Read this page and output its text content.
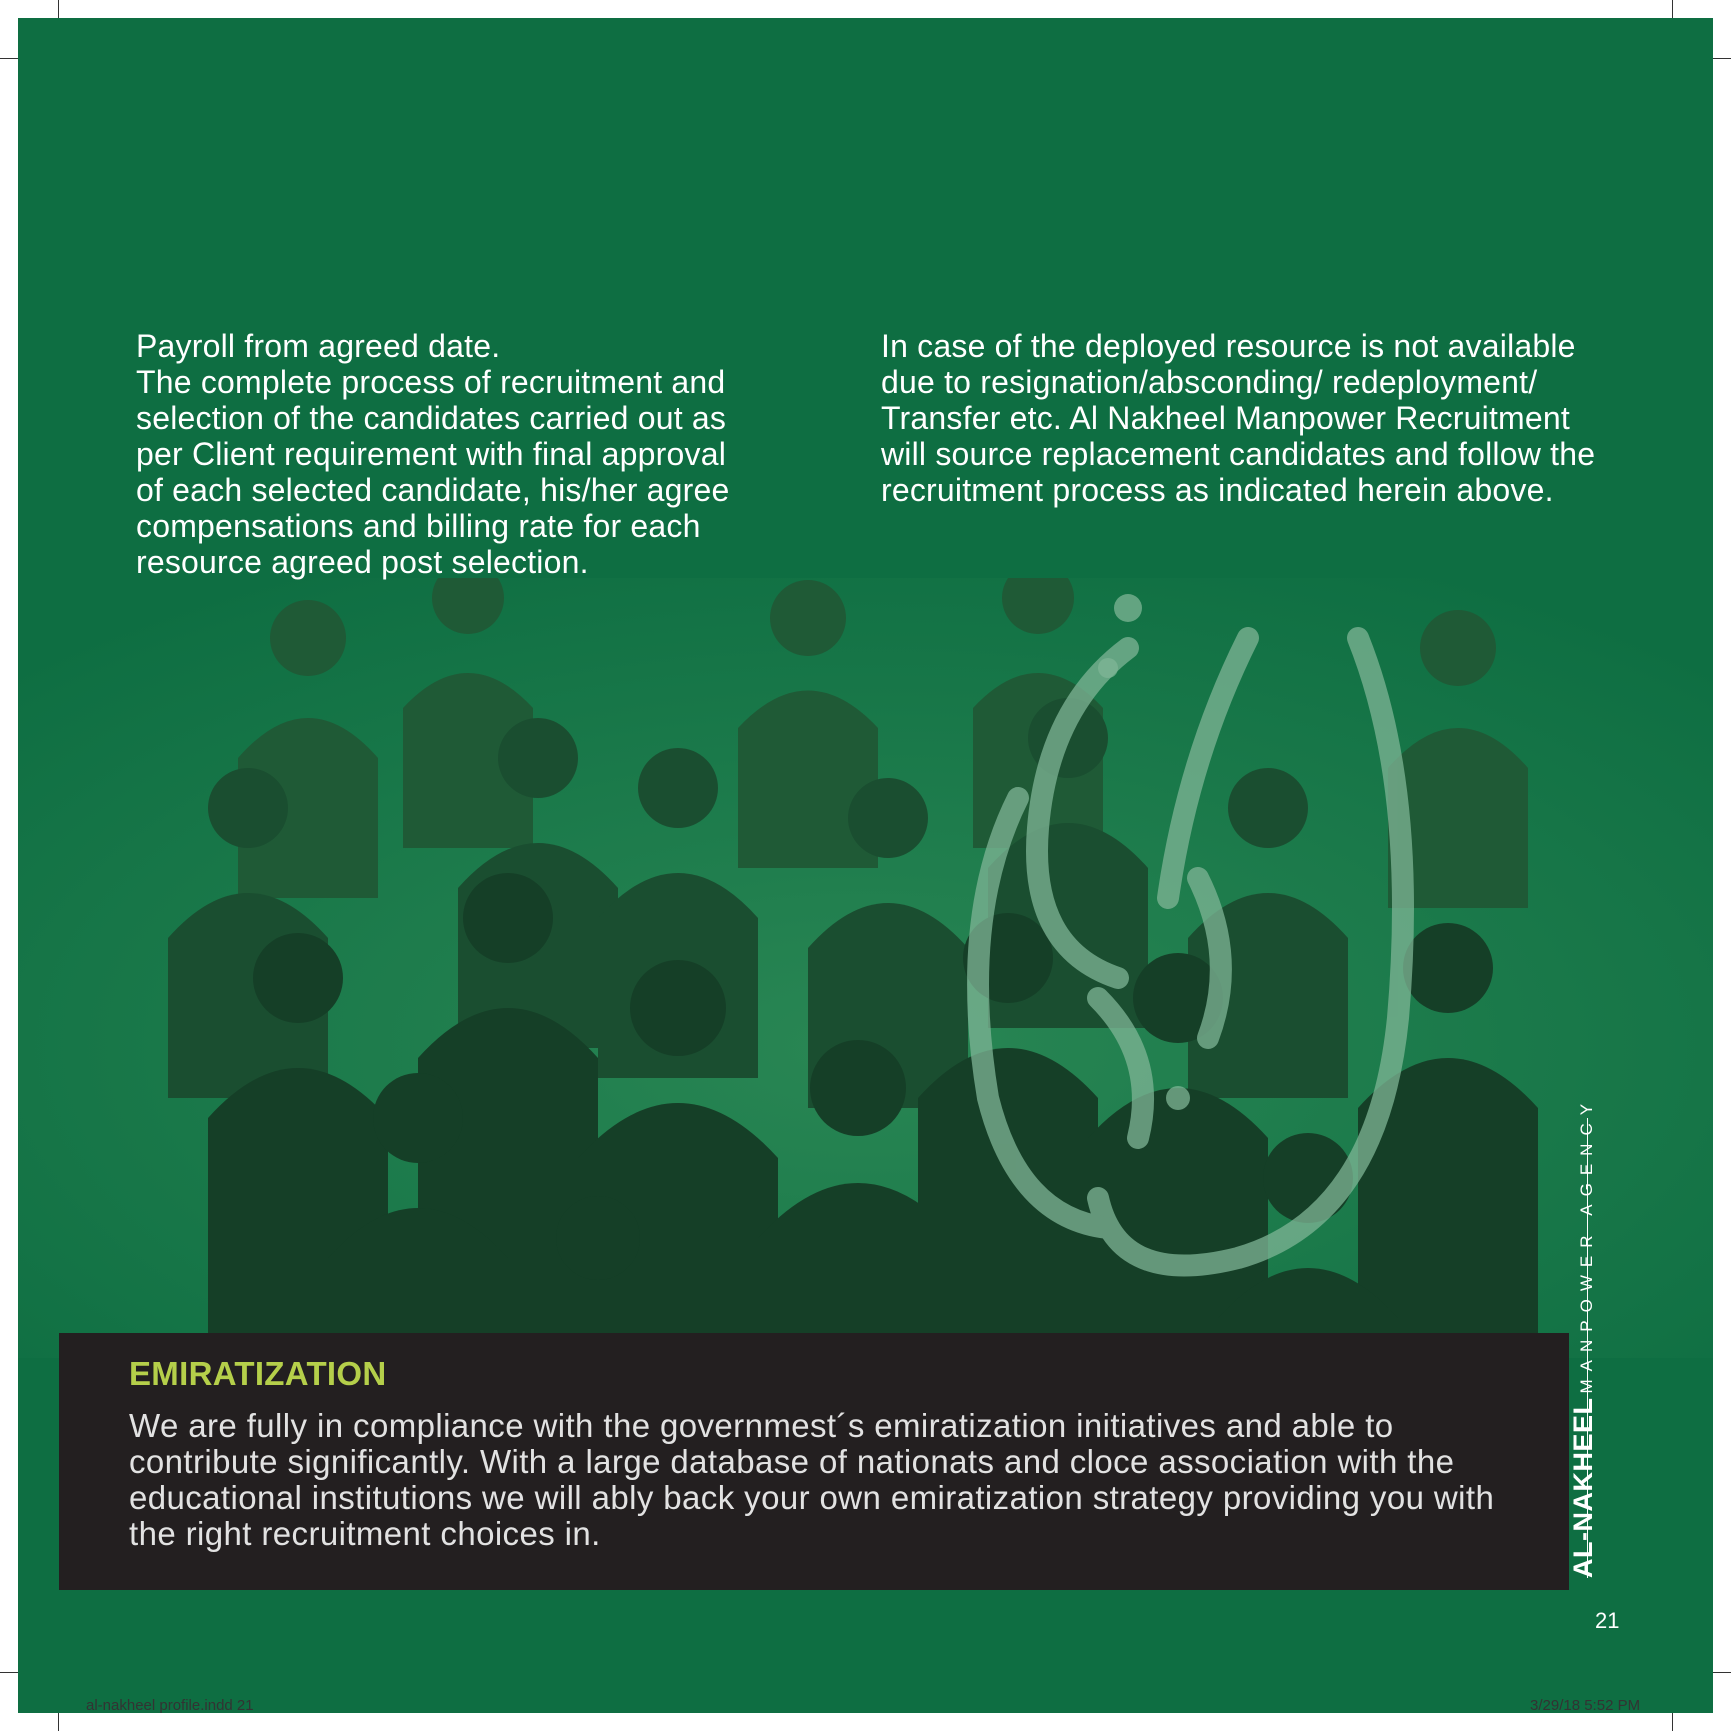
Payroll from agreed date.

The complete process of recruitment and selection of the candidates carried out as per Client requirement with final approval of each selected candidate, his/her agree compensations and billing rate for each resource agreed post selection.

In case of the deployed resource is not available due to resignation/absconding/ redeployment/ Transfer etc. Al Nakheel Manpower Recruitment will source replacement candidates and follow the recruitment process as indicated herein above.

EMIRATIZATION
We are fully in compliance with the governmest´s emiratization initiatives and able to contribute significantly. With a large database of nationats and cloce association with the educational institutions we will ably back your own emiratization strategy providing you with the right recruitment choices in.	AL-NAKHEEL
MANPOWER AGENCY
21
al-nakheel profile.indd 21	3/29/18 5:52 PM
